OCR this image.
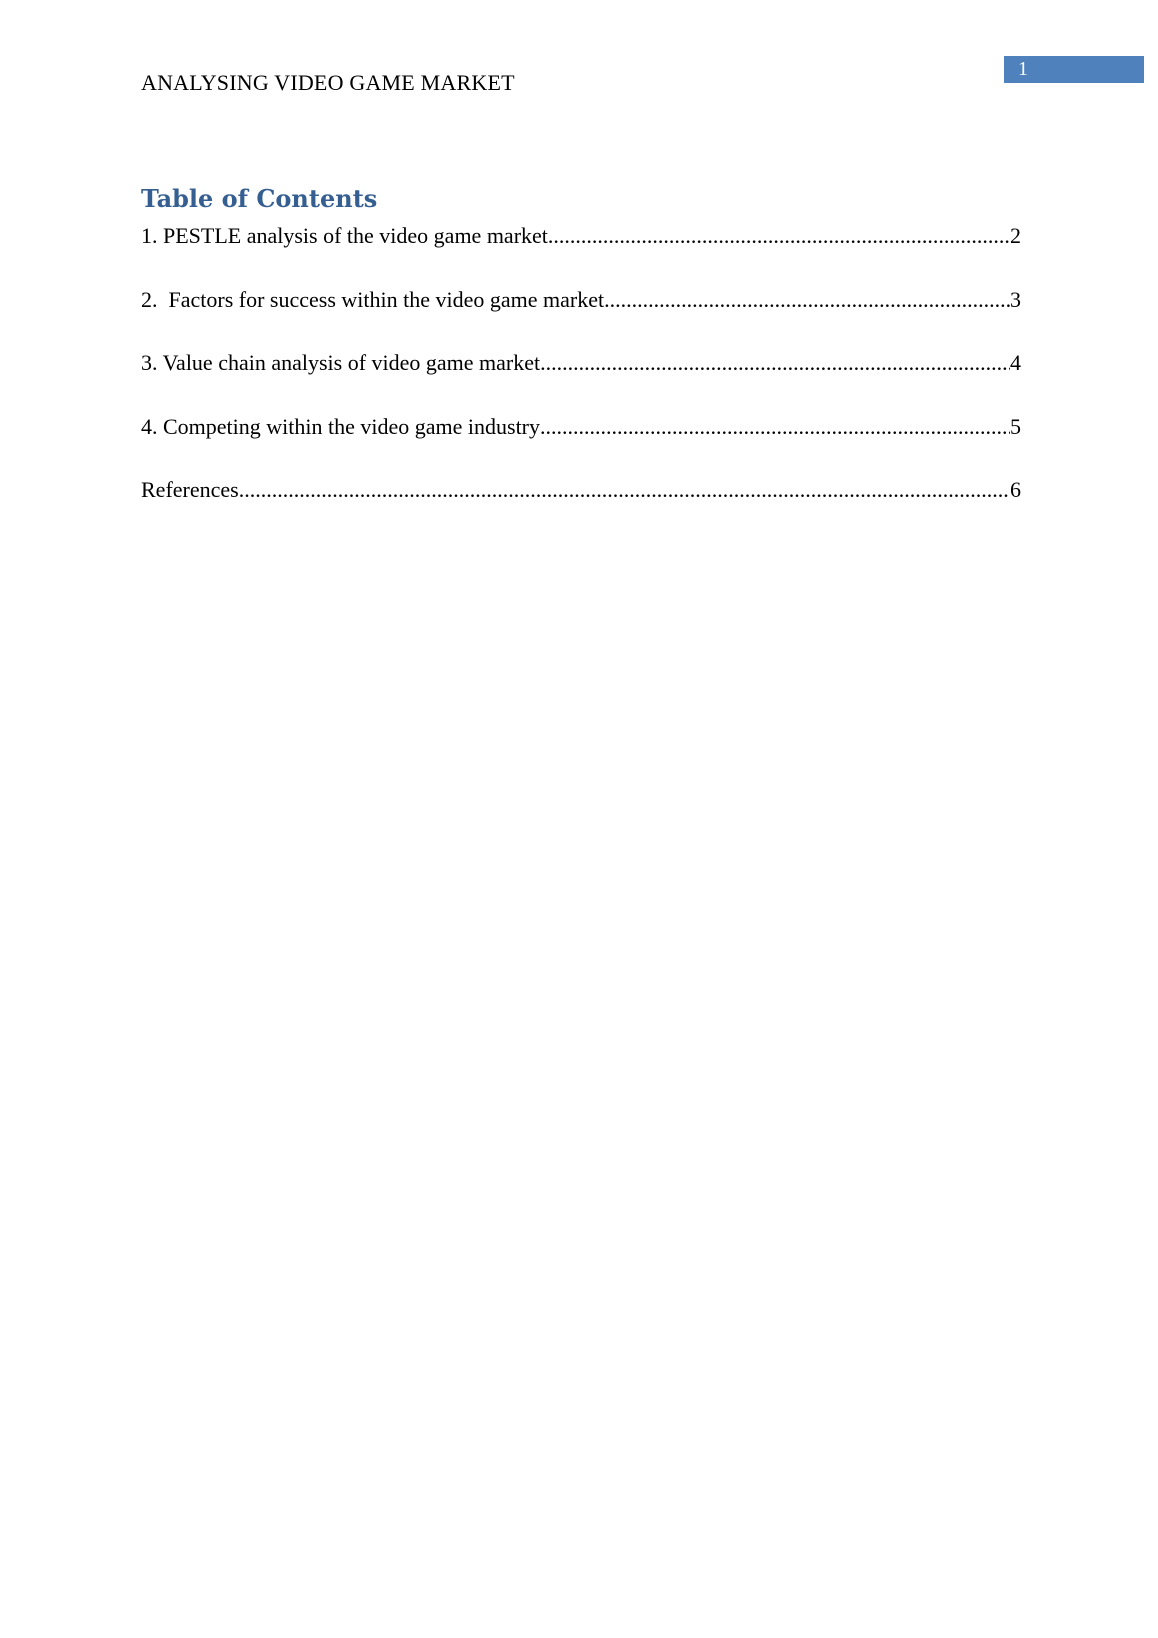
1
ANALYSING VIDEO GAME MARKET
Table of Contents
1. PESTLE analysis of the video game market .....	2
2.  Factors for success within the video game market .....	3
3. Value chain analysis of video game market .....	4
4. Competing within the video game industry .....	5
References .....	6
